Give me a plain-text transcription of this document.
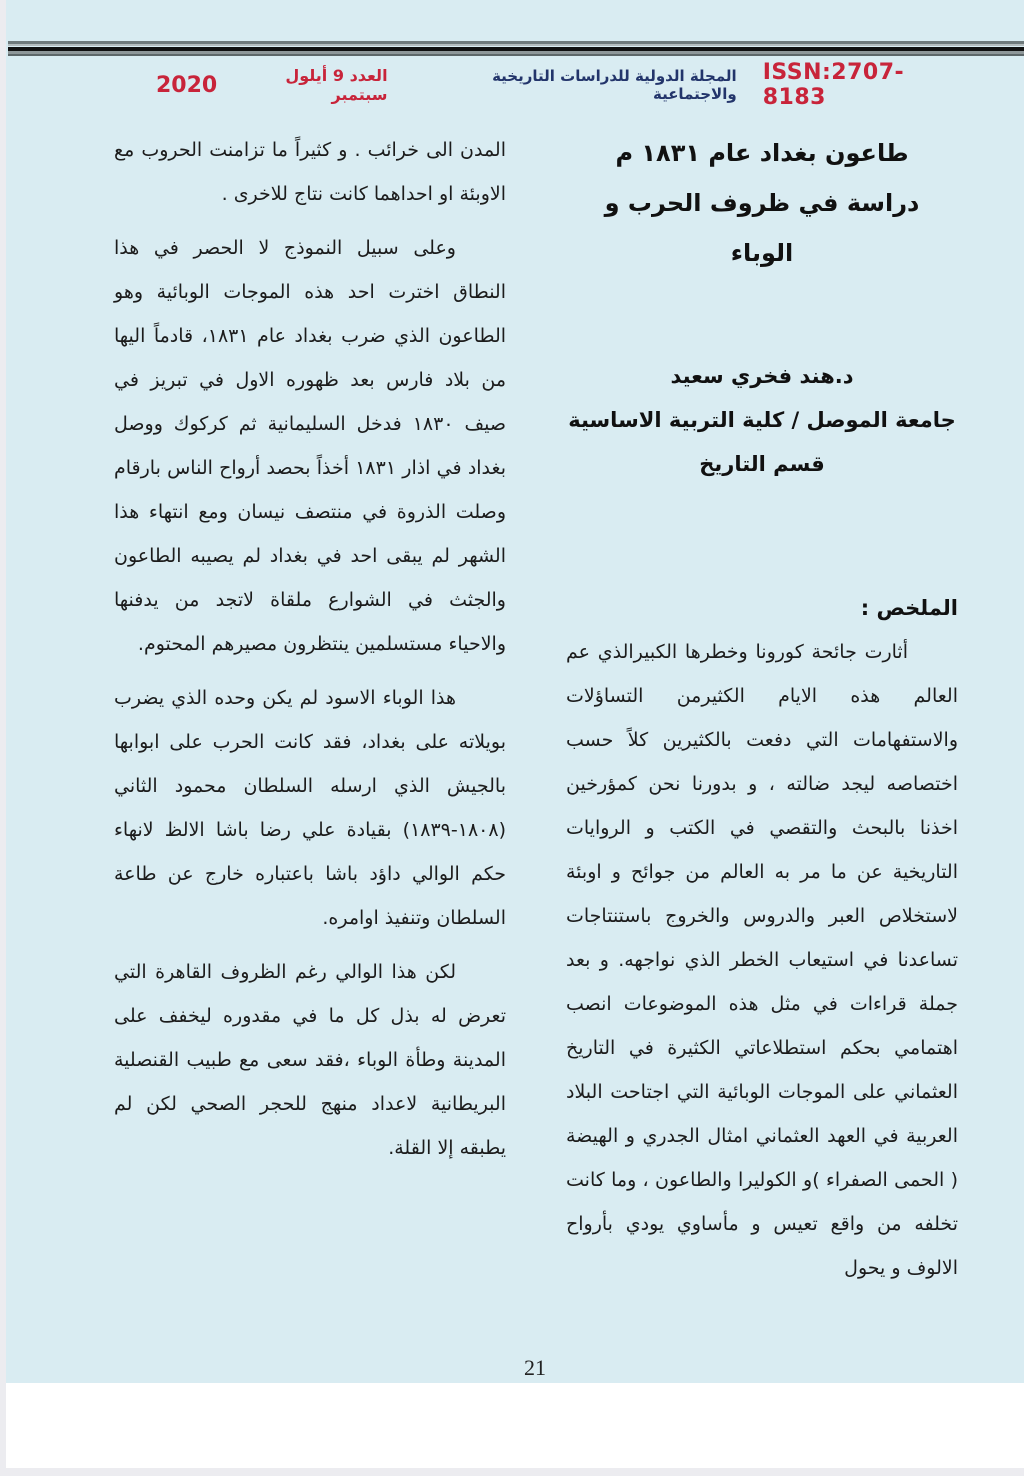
ISSN:2707-8183
المجلة الدولية للدراسات التاريخية والاجتماعية
العدد 9 أيلول سبتمبر
2020
طاعون بغداد عام ١٨٣١ م
دراسة في ظروف الحرب و الوباء
د.هند فخري سعيد
جامعة الموصل / كلية التربية الاساسية
قسم التاريخ
الملخص :

أثارت جائحة كورونا وخطرها الكبيرالذي عم العالم هذه الايام الكثيرمن التساؤلات والاستفهامات التي دفعت بالكثيرين كلاً حسب اختصاصه ليجد ضالته ، و بدورنا نحن كمؤرخين اخذنا بالبحث والتقصي في الكتب و الروايات التاريخية عن ما مر به العالم من جوائح و اوبئة لاستخلاص العبر والدروس والخروج باستنتاجات تساعدنا في استيعاب الخطر الذي نواجهه. و بعد جملة قراءات في مثل هذه الموضوعات انصب اهتمامي بحكم استطلاعاتي الكثيرة في التاريخ العثماني على الموجات الوبائية التي اجتاحت البلاد العربية في العهد العثماني امثال الجدري و الهيضة ( الحمى الصفراء )و الكوليرا والطاعون ، وما كانت تخلفه من واقع تعيس و مأساوي يودي بأرواح الالوف و يحول

المدن الى خرائب . و كثيراً ما تزامنت الحروب مع الاوبئة او احداهما كانت نتاج للاخرى .

وعلى سبيل النموذج لا الحصر في هذا النطاق اخترت احد هذه الموجات الوبائية وهو الطاعون الذي ضرب بغداد عام ١٨٣١، قادماً اليها من بلاد فارس بعد ظهوره الاول في تبريز في صيف ١٨٣٠ فدخل السليمانية ثم كركوك ووصل بغداد في اذار ١٨٣١ أخذاً بحصد أرواح الناس بارقام وصلت الذروة في منتصف نيسان ومع انتهاء هذا الشهر لم يبقى احد في بغداد لم يصيبه الطاعون والجثث في الشوارع ملقاة لاتجد من يدفنها والاحياء مستسلمين ينتظرون مصيرهم المحتوم.

هذا الوباء الاسود لم يكن وحده الذي يضرب بويلاته على بغداد، فقد كانت الحرب على ابوابها بالجيش الذي ارسله السلطان محمود الثاني (١٨٠٨-١٨٣٩) بقيادة علي رضا باشا الالظ لانهاء حكم الوالي داؤد باشا باعتباره خارج عن طاعة السلطان وتنفيذ اوامره.

لكن هذا الوالي رغم الظروف القاهرة التي تعرض له بذل كل ما في مقدوره ليخفف على المدينة وطأة الوباء ،فقد سعى مع طبيب القنصلية البريطانية لاعداد منهج للحجر الصحي لكن لم يطبقه إلا القلة.

21
